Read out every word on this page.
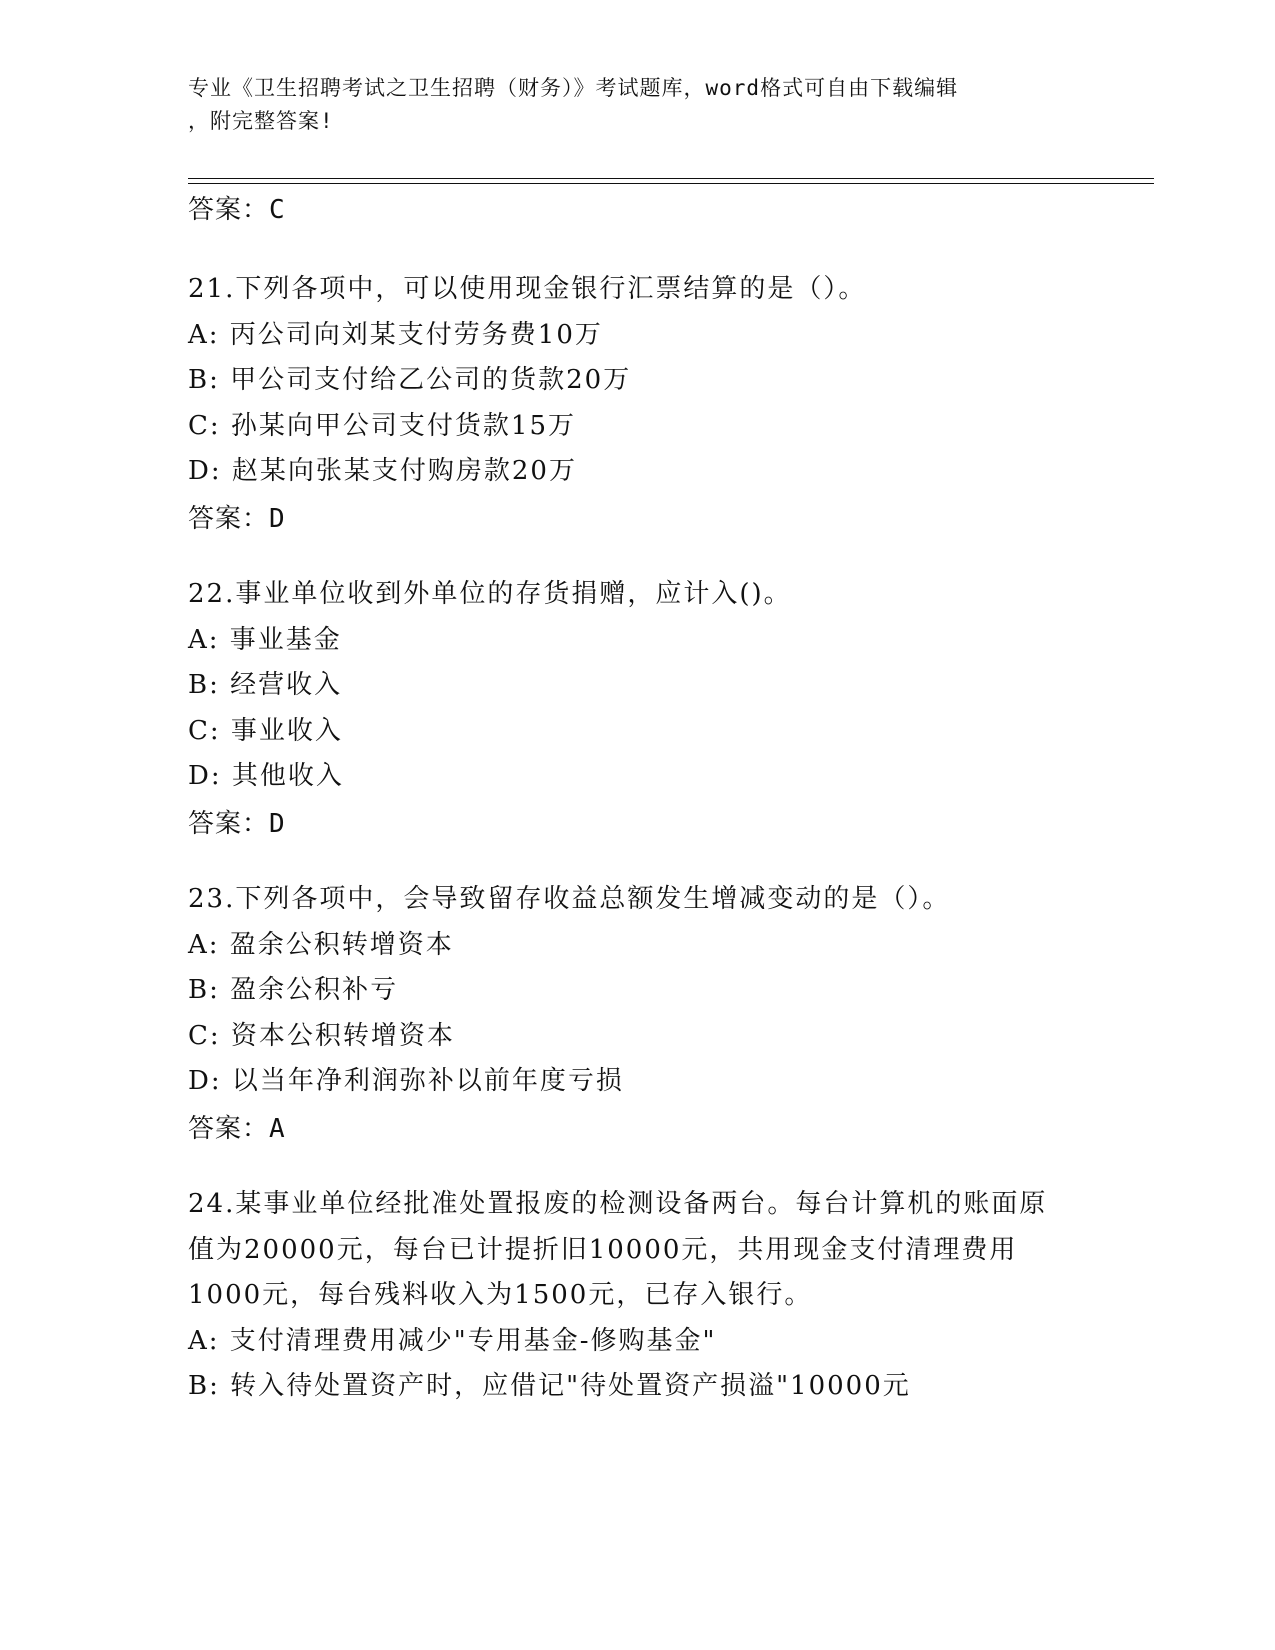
专业《卫生招聘考试之卫生招聘（财务）》考试题库，word格式可自由下载编辑
，附完整答案!
答案：C
21.下列各项中，可以使用现金银行汇票结算的是（）。
A: 丙公司向刘某支付劳务费10万
B: 甲公司支付给乙公司的货款20万
C: 孙某向甲公司支付货款15万
D: 赵某向张某支付购房款20万
答案：D
22.事业单位收到外单位的存货捐赠，应计入()。
A: 事业基金
B: 经营收入
C: 事业收入
D: 其他收入
答案：D
23.下列各项中，会导致留存收益总额发生增减变动的是（）。
A: 盈余公积转增资本
B: 盈余公积补亏
C: 资本公积转增资本
D: 以当年净利润弥补以前年度亏损
答案：A
24.某事业单位经批准处置报废的检测设备两台。每台计算机的账面原
值为20000元，每台已计提折旧10000元，共用现金支付清理费用
1000元，每台残料收入为1500元，已存入银行。
A: 支付清理费用减少"专用基金-修购基金"
B: 转入待处置资产时，应借记"待处置资产损溢"10000元
